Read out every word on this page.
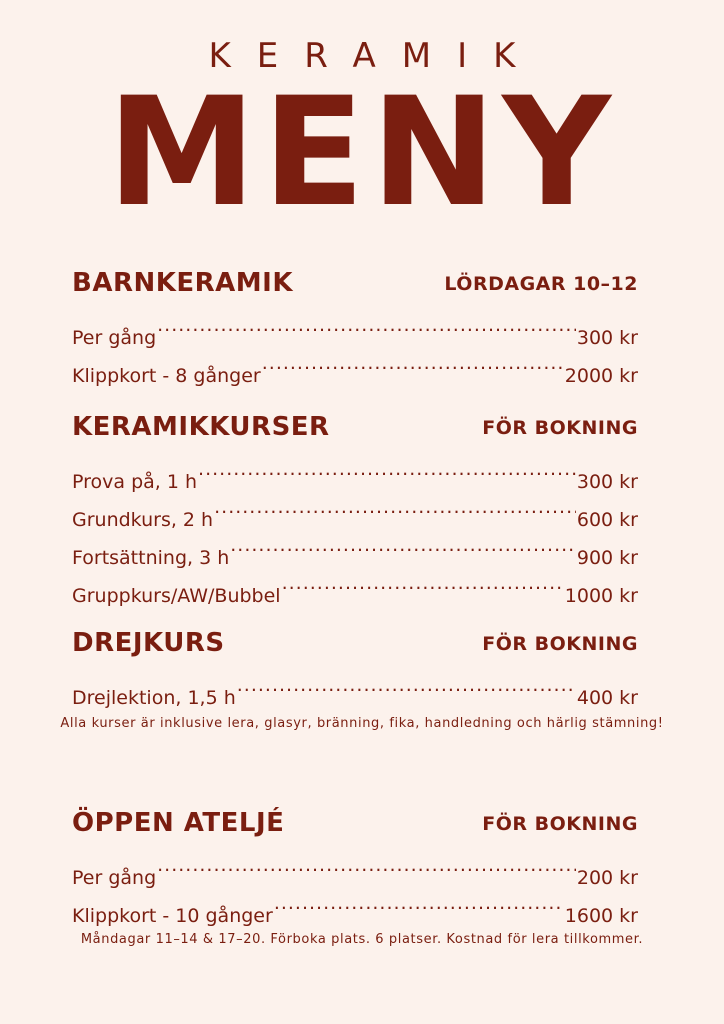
KERAMIK
MENY
BARNKERAMIK	LÖRDAGAR 10–12
Per gång .....	300 kr
Klippkort - 8 gånger .....	2000 kr
KERAMIKKURSER	FÖR BOKNING
Prova på, 1 h .....	300 kr
Grundkurs, 2 h .....	600 kr
Fortsättning, 3 h .....	900 kr
Gruppkurs/AW/Bubbel .....	1000 kr
DREJKURS	FÖR BOKNING
Drejlektion, 1,5 h .....	400 kr
Alla kurser är inklusive lera, glasyr, bränning, fika, handledning och härlig stämning!
ÖPPEN ATELJÉ	FÖR BOKNING
Per gång .....	200 kr
Klippkort - 10 gånger .....	1600 kr
Måndagar 11–14 & 17–20. Förboka plats. 6 platser. Kostnad för lera tillkommer.
